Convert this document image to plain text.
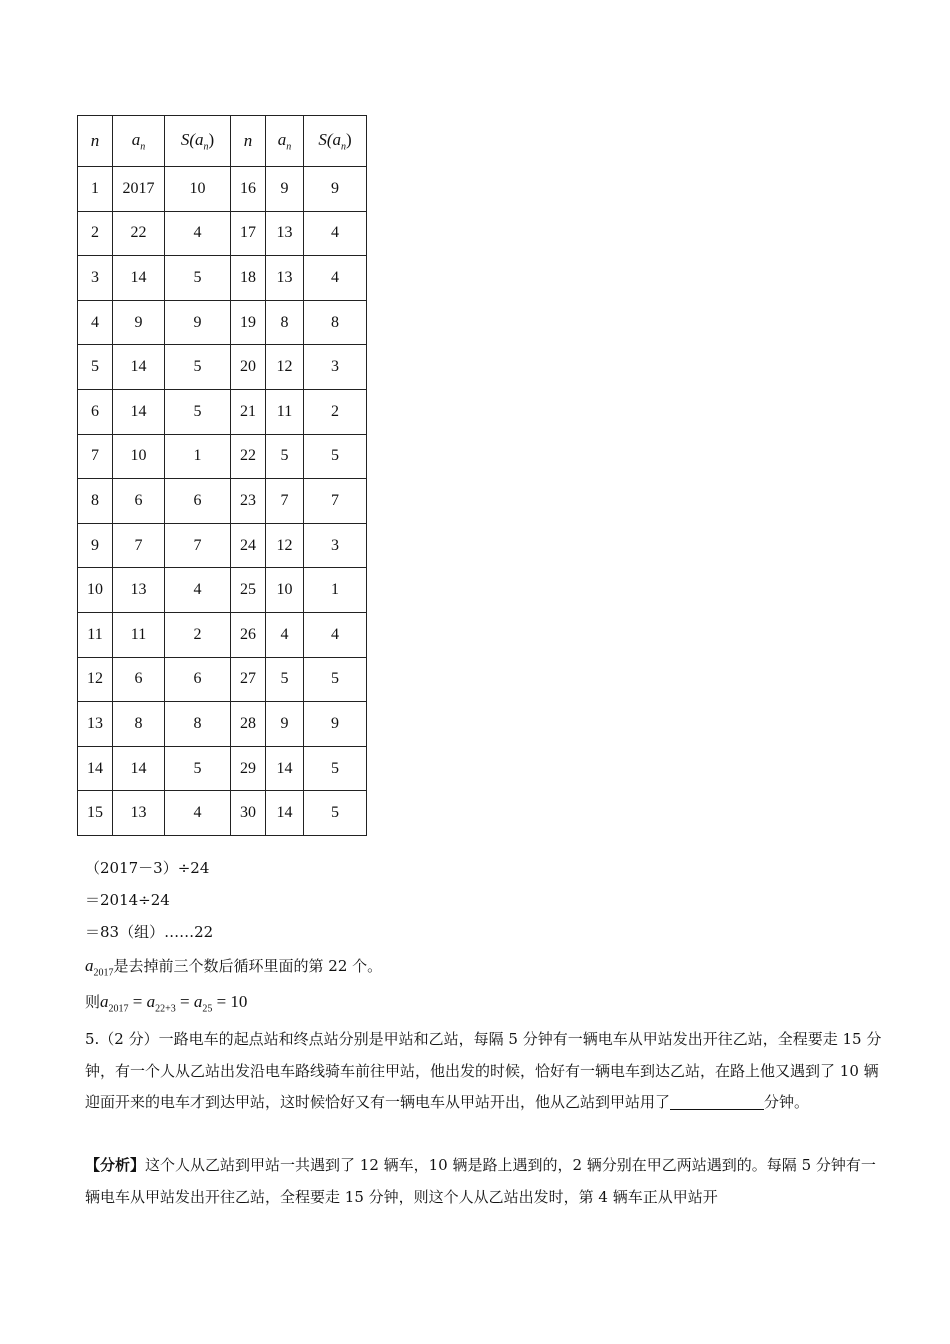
n	$a_n$	$S(a_n)$	n	$a_n$	$S(a_n)$
1	2017	10	16	9	9
2	22	4	17	13	4
3	14	5	18	13	4
4	9	9	19	8	8
5	14	5	20	12	3
6	14	5	21	11	2
7	10	1	22	5	5
8	6	6	23	7	7
9	7	7	24	12	3
10	13	4	25	10	1
11	11	2	26	4	4
12	6	6	27	5	5
13	8	8	28	9	9
14	14	5	29	14	5
15	13	4	30	14	5
（2017－3）÷24
＝2014÷24
＝83（组）……22
$a_{2017}$是去掉前三个数后循环里面的第 22 个。
则$a_{2017} = a_{22+3} = a_{25} = 10$
5.（2 分）一路电车的起点站和终点站分别是甲站和乙站，每隔 5 分钟有一辆电车从甲站发出开往乙站，全程要走 15 分钟，有一个人从乙站出发沿电车路线骑车前往甲站，他出发的时候，恰好有一辆电车到达乙站，在路上他又遇到了 10 辆迎面开来的电车才到达甲站，这时候恰好又有一辆电车从甲站开出，他从乙站到甲站用了	分钟。
【分析】这个人从乙站到甲站一共遇到了 12 辆车，10 辆是路上遇到的，2 辆分别在甲乙两站遇到的。每隔 5 分钟有一辆电车从甲站发出开往乙站，全程要走 15 分钟，则这个人从乙站出发时，第 4 辆车正从甲站开
